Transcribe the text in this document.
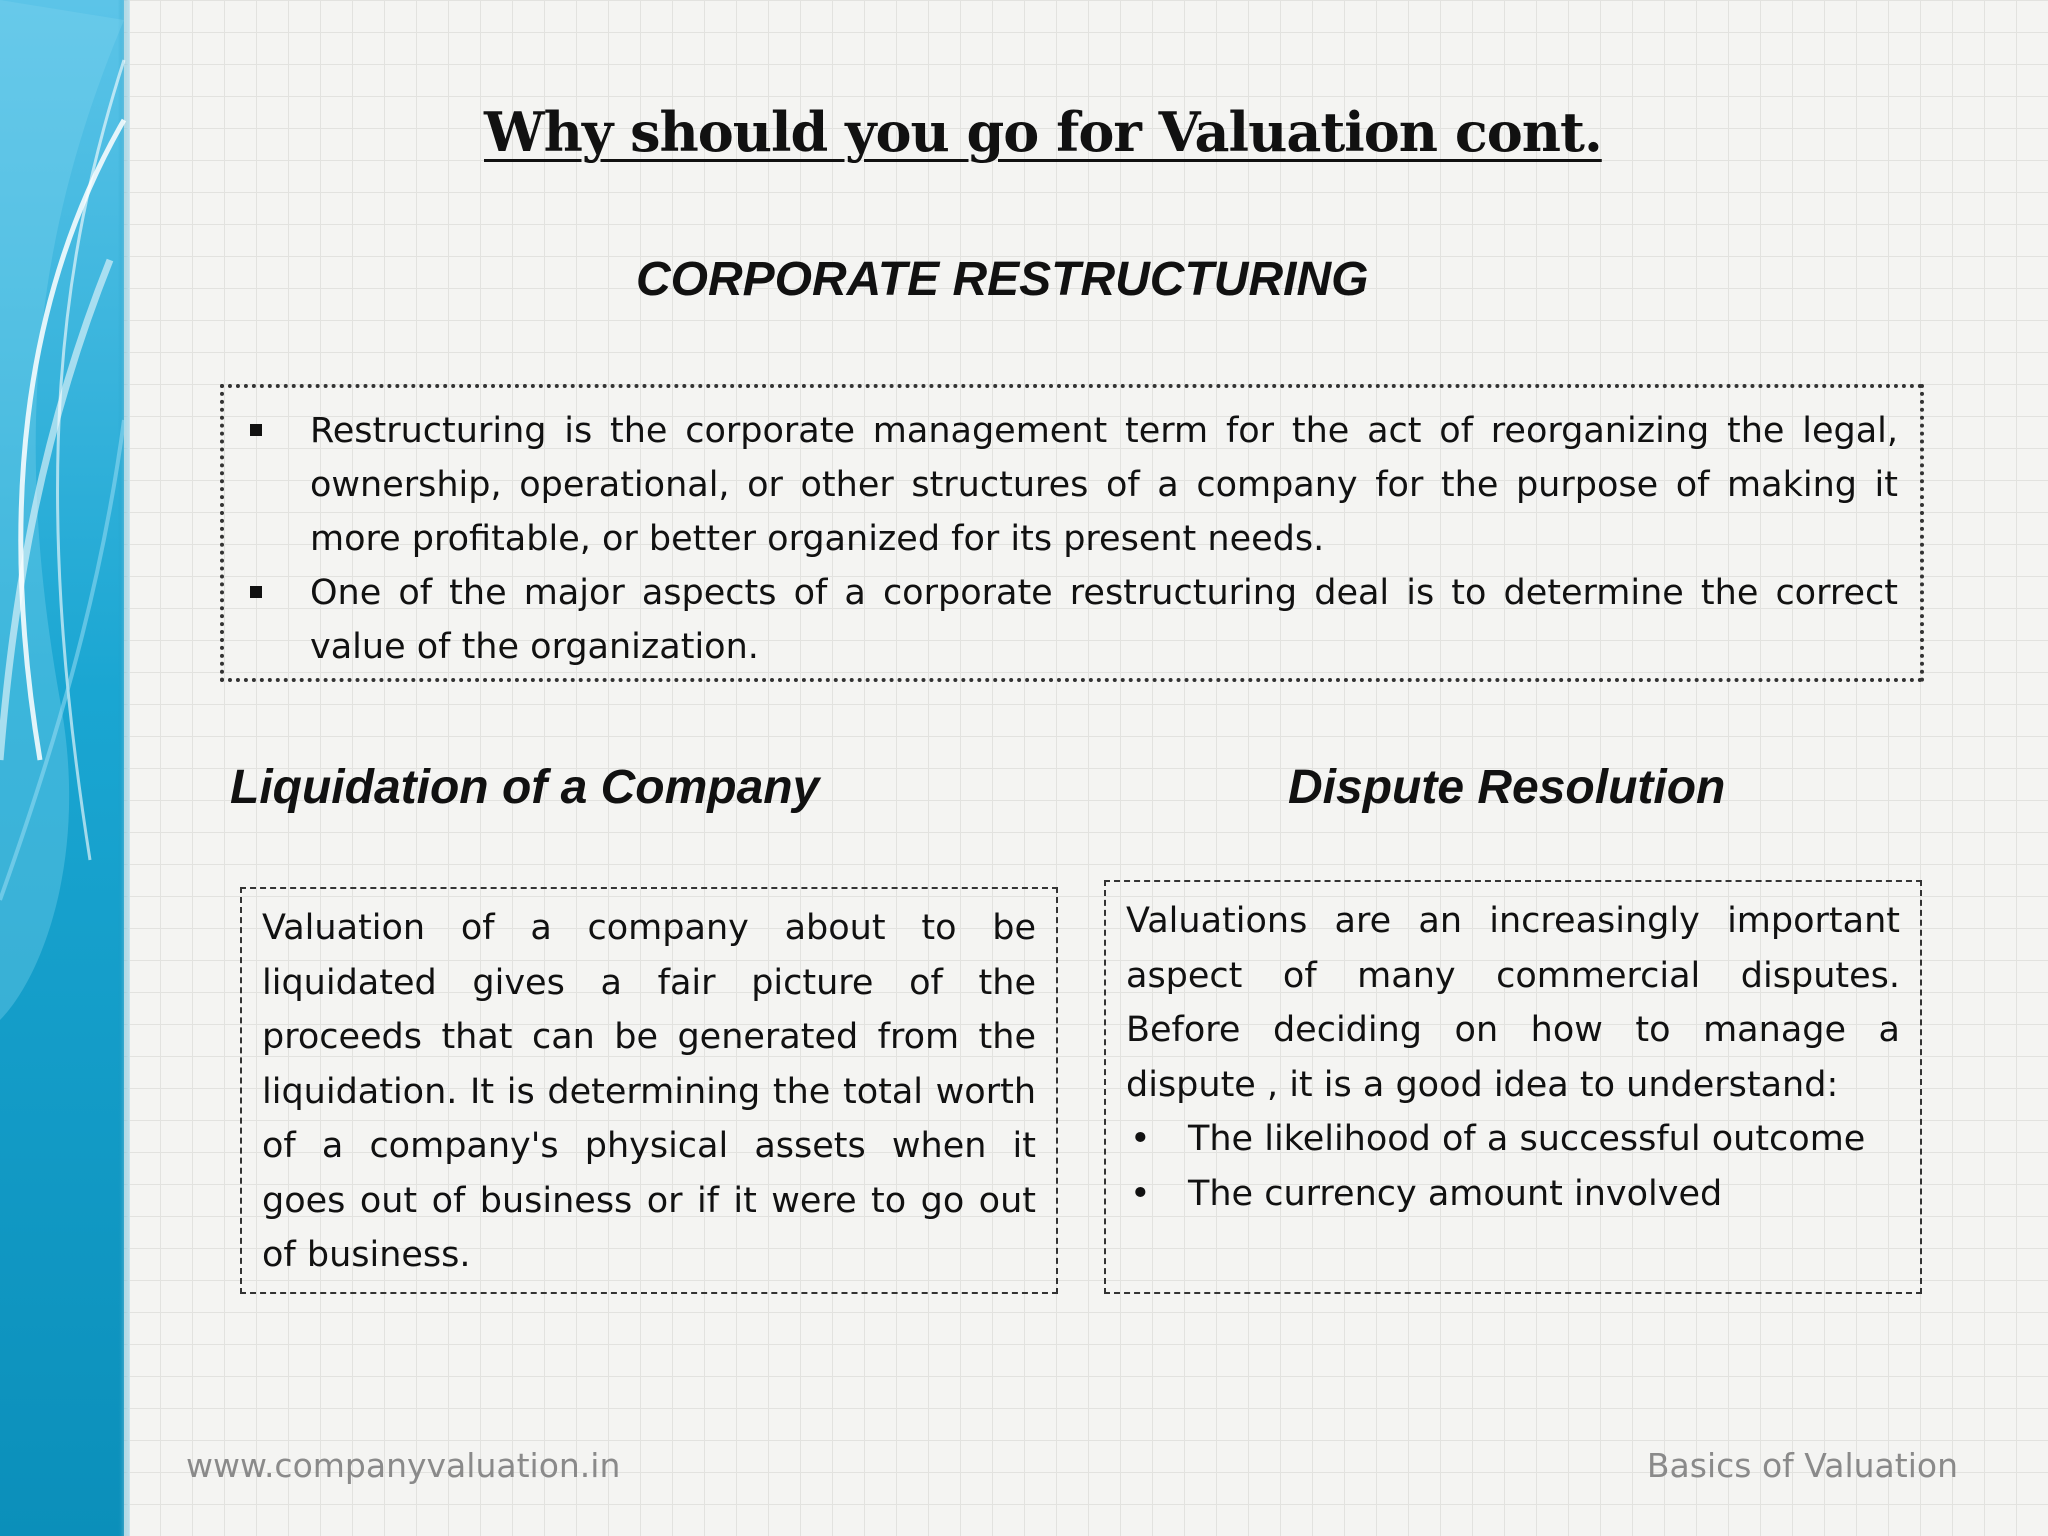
Why should you go for Valuation cont.
CORPORATE RESTRUCTURING
Restructuring is the corporate management term for the act of reorganizing the legal, ownership, operational, or other structures of a company for the purpose of making it more profitable, or better organized for its present needs.
One of the major aspects of a corporate restructuring deal is to determine the correct value of the organization.
Liquidation of a Company	Dispute Resolution

Valuation of a company about to be liquidated gives a fair picture of the proceeds that can be generated from the liquidation. It is determining the total worth of a company's physical assets when it goes out of business or if it were to go out of business.

Valuations are an increasingly important aspect of many commercial disputes. Before deciding on how to manage a dispute , it is a good idea to understand:

• The likelihood of a successful outcome
• The currency amount involved
www.companyvaluation.in	Basics of Valuation
